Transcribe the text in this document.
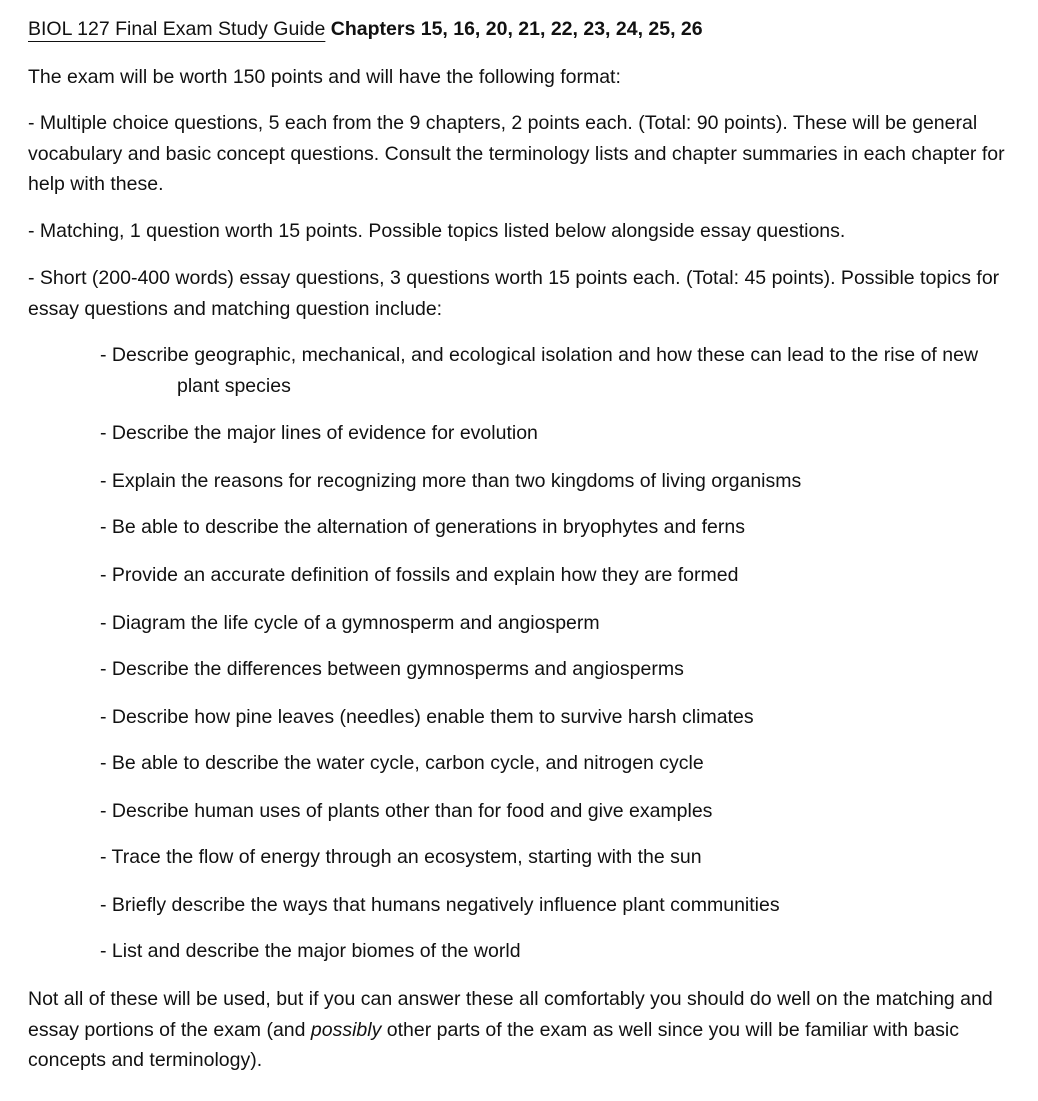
BIOL 127 Final Exam Study Guide Chapters 15, 16, 20, 21, 22, 23, 24, 25, 26

The exam will be worth 150 points and will have the following format:

- Multiple choice questions, 5 each from the 9 chapters, 2 points each. (Total: 90 points). These will be general vocabulary and basic concept questions. Consult the terminology lists and chapter summaries in each chapter for help with these.

- Matching, 1 question worth 15 points. Possible topics listed below alongside essay questions.

- Short (200-400 words) essay questions, 3 questions worth 15 points each. (Total: 45 points). Possible topics for essay questions and matching question include:

- Describe geographic, mechanical, and ecological isolation and how these can lead to the rise of new plant species

- Describe the major lines of evidence for evolution

- Explain the reasons for recognizing more than two kingdoms of living organisms

- Be able to describe the alternation of generations in bryophytes and ferns

- Provide an accurate definition of fossils and explain how they are formed

- Diagram the life cycle of a gymnosperm and angiosperm

- Describe the differences between gymnosperms and angiosperms

- Describe how pine leaves (needles) enable them to survive harsh climates

- Be able to describe the water cycle, carbon cycle, and nitrogen cycle

- Describe human uses of plants other than for food and give examples

- Trace the flow of energy through an ecosystem, starting with the sun

- Briefly describe the ways that humans negatively influence plant communities

- List and describe the major biomes of the world

Not all of these will be used, but if you can answer these all comfortably you should do well on the matching and essay portions of the exam (and possibly other parts of the exam as well since you will be familiar with basic concepts and terminology).
